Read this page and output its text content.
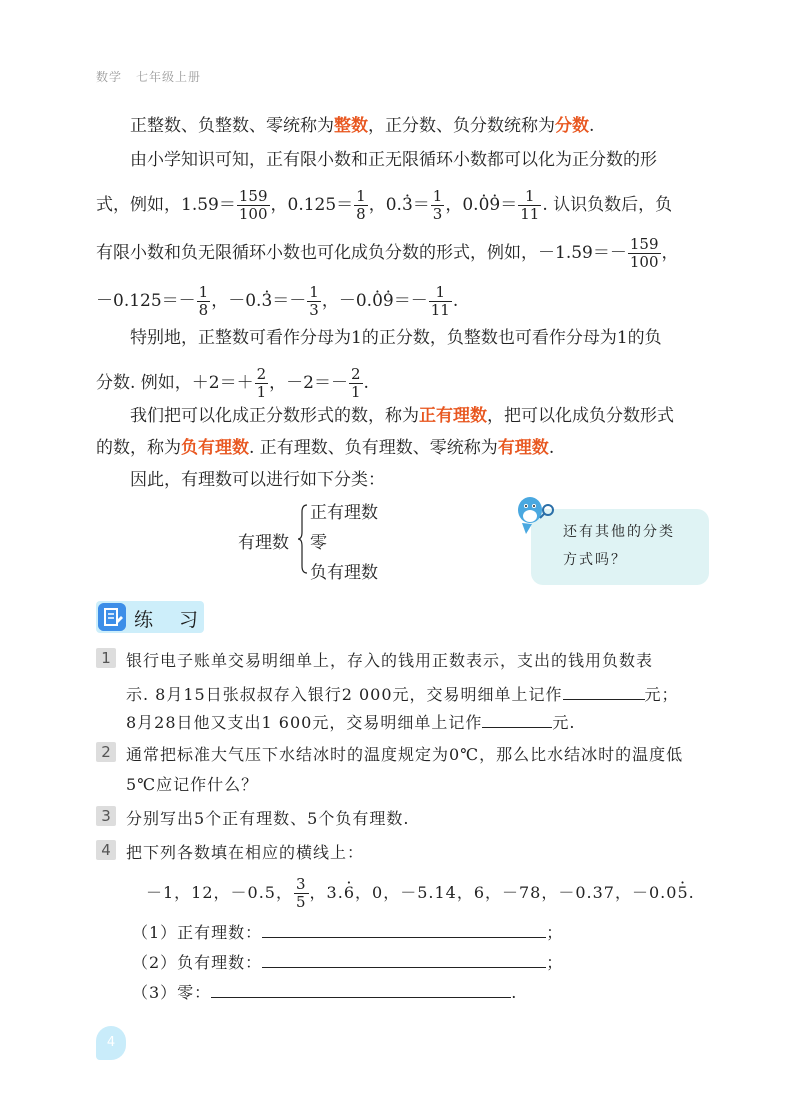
数学 七年级上册
正整数、负整数、零统称为整数，正分数、负分数统称为分数.
由小学知识可知，正有限小数和正无限循环小数都可以化为正分数的形
式，例如，$1.59= \frac{159}{100}$ ，$0.125= \frac{1}{8}$ ，$0.\cdot 3= \frac{1}{3}$ ，$0.\cdot 0\cdot 9= \frac{1}{11}$ . 认识负数后，负
有限小数和负无限循环小数也可化成负分数的形式，例如，$-1.59=- \frac{159}{100}$ ，
$-0.125=- \frac{1}{8}$ ，$-0.\cdot 3=- \frac{1}{3}$ ，$-0.\cdot 0\cdot 9=- \frac{1}{11}$ .
特别地，正整数可看作分母为1的正分数，负整数也可看作分母为1的负
分数. 例如，$+2=+ \frac{2}{1}$ ，$-2=- \frac{2}{1}$ .
我们把可以化成正分数形式的数，称为正有理数，把可以化成负分数形式
的数，称为负有理数. 正有理数、负有理数、零统称为有理数.
因此，有理数可以进行如下分类：
有理数
正有理数
零
负有理数
还有其他的分类
方式吗？
练 习
1 银行电子账单交易明细单上，存入的钱用正数表示，支出的钱用负数表
示. 8月15日张叔叔存入银行2 000元，交易明细单上记作	元；
8月28日他又支出1 600元，交易明细单上记作	元.
2 通常把标准大气压下水结冰时的温度规定为0℃，那么比水结冰时的温度低
5℃应记作什么？
3 分别写出5个正有理数、5个负有理数.
4 把下列各数填在相应的横线上：
－1，12，－0.5， $\frac{3}{5}$ ，3.· 6，0，－5.14，6，－78，－0.37，－0.0· 5.
（1）正有理数：	；
（2）负有理数：	；
（3）零：	.
4
